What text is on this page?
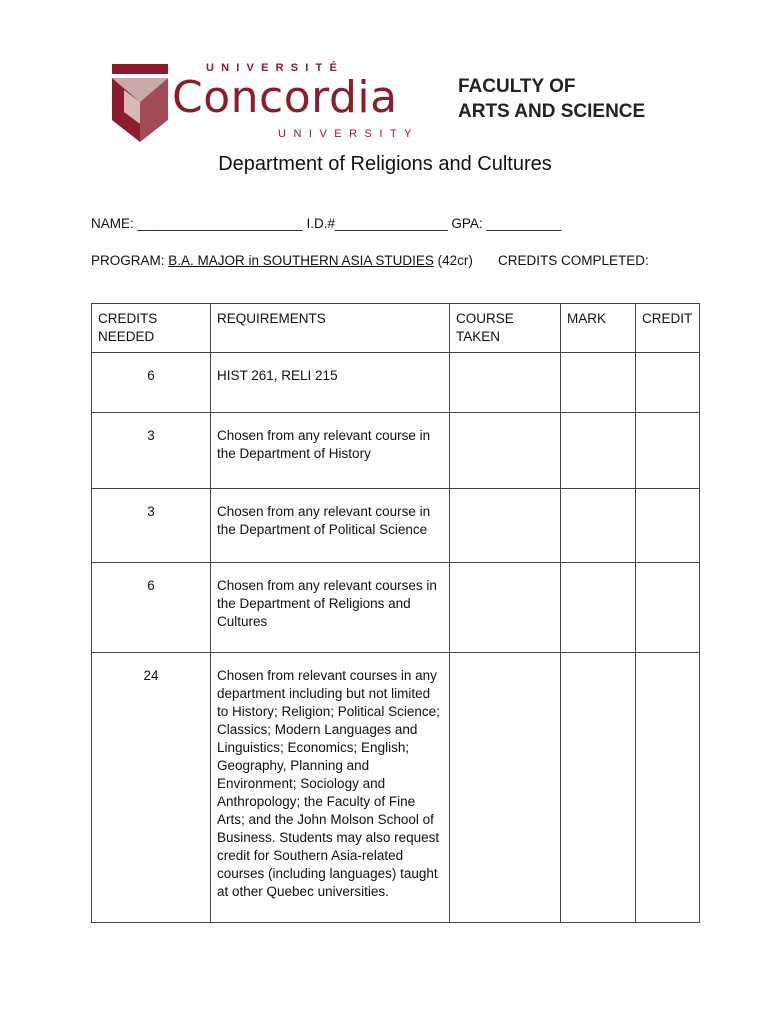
UNIVERSITÉ
Concordia
UNIVERSITY
FACULTY OF
ARTS AND SCIENCE
Department of Religions and Cultures
NAME: ______________________ I.D.#_______________ GPA: __________
PROGRAM: B.A. MAJOR in SOUTHERN ASIA STUDIES (42cr) CREDITS COMPLETED:
CREDITS NEEDED	REQUIREMENTS	COURSE TAKEN	MARK	CREDIT
6	HIST 261, RELI 215			
3	Chosen from any relevant course in the Department of History			
3	Chosen from any relevant course in the Department of Political Science			
6	Chosen from any relevant courses in the Department of Religions and Cultures			
24	Chosen from relevant courses in any department including but not limited to History; Religion; Political Science; Classics; Modern Languages and Linguistics; Economics; English; Geography, Planning and Environment; Sociology and Anthropology; the Faculty of Fine Arts; and the John Molson School of Business. Students may also request credit for Southern Asia-related courses (including languages) taught at other Quebec universities.			
